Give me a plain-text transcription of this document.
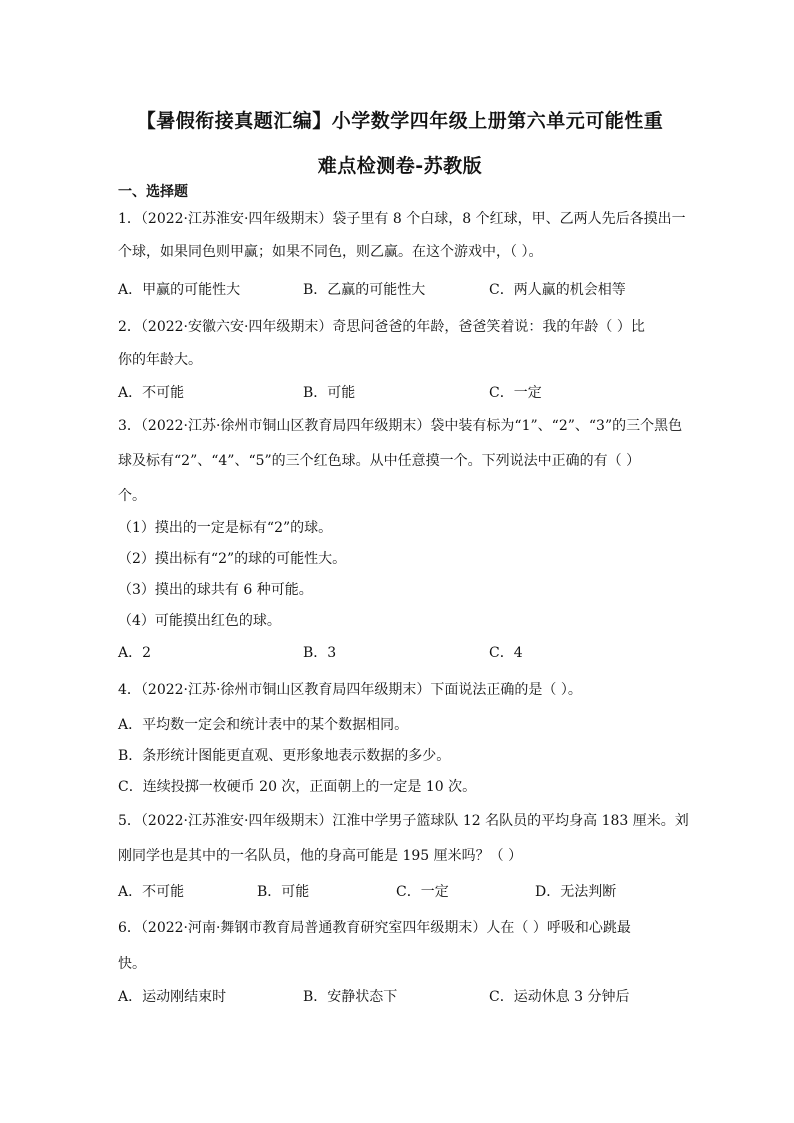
【暑假衔接真题汇编】小学数学四年级上册第六单元可能性重
难点检测卷-苏教版
一、选择题
1．（2022·江苏淮安·四年级期末）袋子里有 8 个白球，8 个红球，甲、乙两人先后各摸出一
个球，如果同色则甲赢；如果不同色，则乙赢。在这个游戏中，（ ）。
A．甲赢的可能性大	B．乙赢的可能性大	C．两人赢的机会相等
2．（2022·安徽六安·四年级期末）奇思问爸爸的年龄，爸爸笑着说：我的年龄（ ）比
你的年龄大。
A．不可能	B．可能	C．一定
3．（2022·江苏·徐州市铜山区教育局四年级期末）袋中装有标为“1”、“2”、“3”的三个黑色
球及标有“2”、“4”、“5”的三个红色球。从中任意摸一个。下列说法中正确的有（ ）
个。
（1）摸出的一定是标有“2”的球。
（2）摸出标有“2”的球的可能性大。
（3）摸出的球共有 6 种可能。
（4）可能摸出红色的球。
A．2	B．3	C．4
4．（2022·江苏·徐州市铜山区教育局四年级期末）下面说法正确的是（ ）。
A．平均数一定会和统计表中的某个数据相同。
B．条形统计图能更直观、更形象地表示数据的多少。
C．连续投掷一枚硬币 20 次，正面朝上的一定是 10 次。
5．（2022·江苏淮安·四年级期末）江淮中学男子篮球队 12 名队员的平均身高 183 厘米。刘
刚同学也是其中的一名队员，他的身高可能是 195 厘米吗？（ ）
A．不可能	B．可能	C．一定	D．无法判断
6．（2022·河南·舞钢市教育局普通教育研究室四年级期末）人在（ ）呼吸和心跳最
快。
A．运动刚结束时	B．安静状态下	C．运动休息 3 分钟后
